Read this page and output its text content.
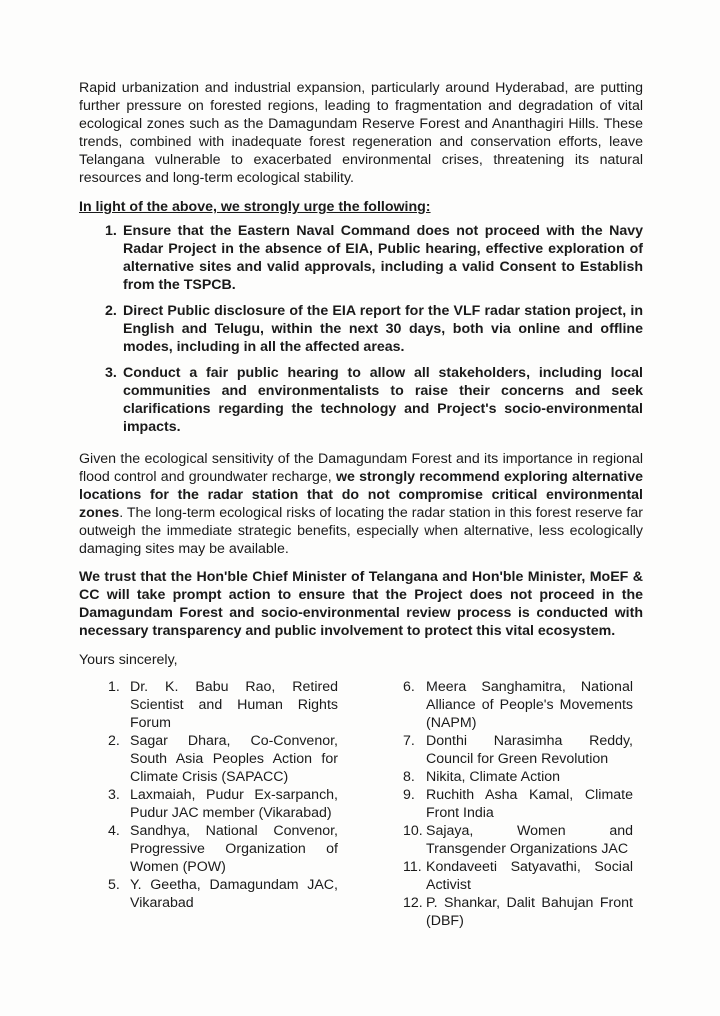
Rapid urbanization and industrial expansion, particularly around Hyderabad, are putting further pressure on forested regions, leading to fragmentation and degradation of vital ecological zones such as the Damagundam Reserve Forest and Ananthagiri Hills. These trends, combined with inadequate forest regeneration and conservation efforts, leave Telangana vulnerable to exacerbated environmental crises, threatening its natural resources and long-term ecological stability.

In light of the above, we strongly urge the following:

1. Ensure that the Eastern Naval Command does not proceed with the Navy Radar Project in the absence of EIA, Public hearing, effective exploration of alternative sites and valid approvals, including a valid Consent to Establish from the TSPCB.
2. Direct Public disclosure of the EIA report for the VLF radar station project, in English and Telugu, within the next 30 days, both via online and offline modes, including in all the affected areas.
3. Conduct a fair public hearing to allow all stakeholders, including local communities and environmentalists to raise their concerns and seek clarifications regarding the technology and Project's socio-environmental impacts.

Given the ecological sensitivity of the Damagundam Forest and its importance in regional flood control and groundwater recharge, we strongly recommend exploring alternative locations for the radar station that do not compromise critical environmental zones. The long-term ecological risks of locating the radar station in this forest reserve far outweigh the immediate strategic benefits, especially when alternative, less ecologically damaging sites may be available.

We trust that the Hon'ble Chief Minister of Telangana and Hon'ble Minister, MoEF & CC will take prompt action to ensure that the Project does not proceed in the Damagundam Forest and socio-environmental review process is conducted with necessary transparency and public involvement to protect this vital ecosystem.

Yours sincerely,

1. Dr. K. Babu Rao, Retired Scientist and Human Rights Forum
2. Sagar Dhara, Co-Convenor, South Asia Peoples Action for Climate Crisis (SAPACC)
3. Laxmaiah, Pudur Ex-sarpanch, Pudur JAC member (Vikarabad)
4. Sandhya, National Convenor, Progressive Organization of Women (POW)
5. Y. Geetha, Damagundam JAC, Vikarabad
6. Meera Sanghamitra, National Alliance of People's Movements (NAPM)
7. Donthi Narasimha Reddy, Council for Green Revolution
8. Nikita, Climate Action
9. Ruchith Asha Kamal, Climate Front India
10. Sajaya, Women and Transgender Organizations JAC
11. Kondaveeti Satyavathi, Social Activist
12. P. Shankar, Dalit Bahujan Front (DBF)
